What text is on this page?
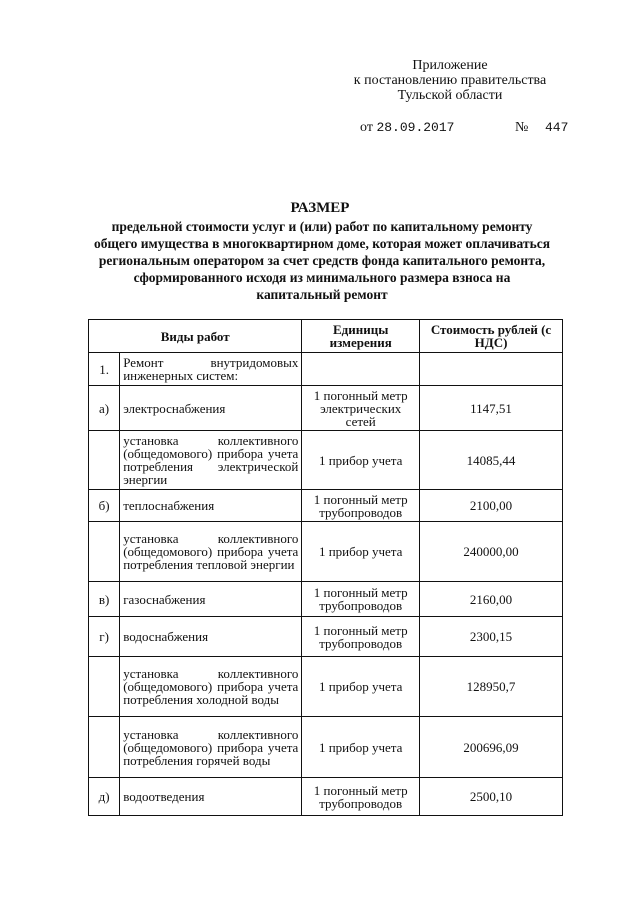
Приложение
к постановлению правительства
Тульской области
от 28.09.2017	№ 447
РАЗМЕР
предельной стоимости услуг и (или) работ по капитальному ремонту общего имущества в многоквартирном доме, которая может оплачиваться региональным оператором за счет средств фонда капитального ремонта, сформированного исходя из минимального размера взноса на капитальный ремонт
Виды работ		Единицы измерения	Стоимость рублей (с НДС)
1.	Ремонт внутридомовых инженерных систем:		
а)	электроснабжения	1 погонный метр электрических сетей	1147,51
	установка коллективного (общедомового) прибора учета потребления электрической энергии	1 прибор учета	14085,44
б)	теплоснабжения	1 погонный метр трубопроводов	2100,00
	установка коллективного (общедомового) прибора учета потребления тепловой энергии	1 прибор учета	240000,00
в)	газоснабжения	1 погонный метр трубопроводов	2160,00
г)	водоснабжения	1 погонный метр трубопроводов	2300,15
	установка коллективного (общедомового) прибора учета потребления холодной воды	1 прибор учета	128950,7
	установка коллективного (общедомового) прибора учета потребления горячей воды	1 прибор учета	200696,09
д)	водоотведения	1 погонный метр трубопроводов	2500,10
